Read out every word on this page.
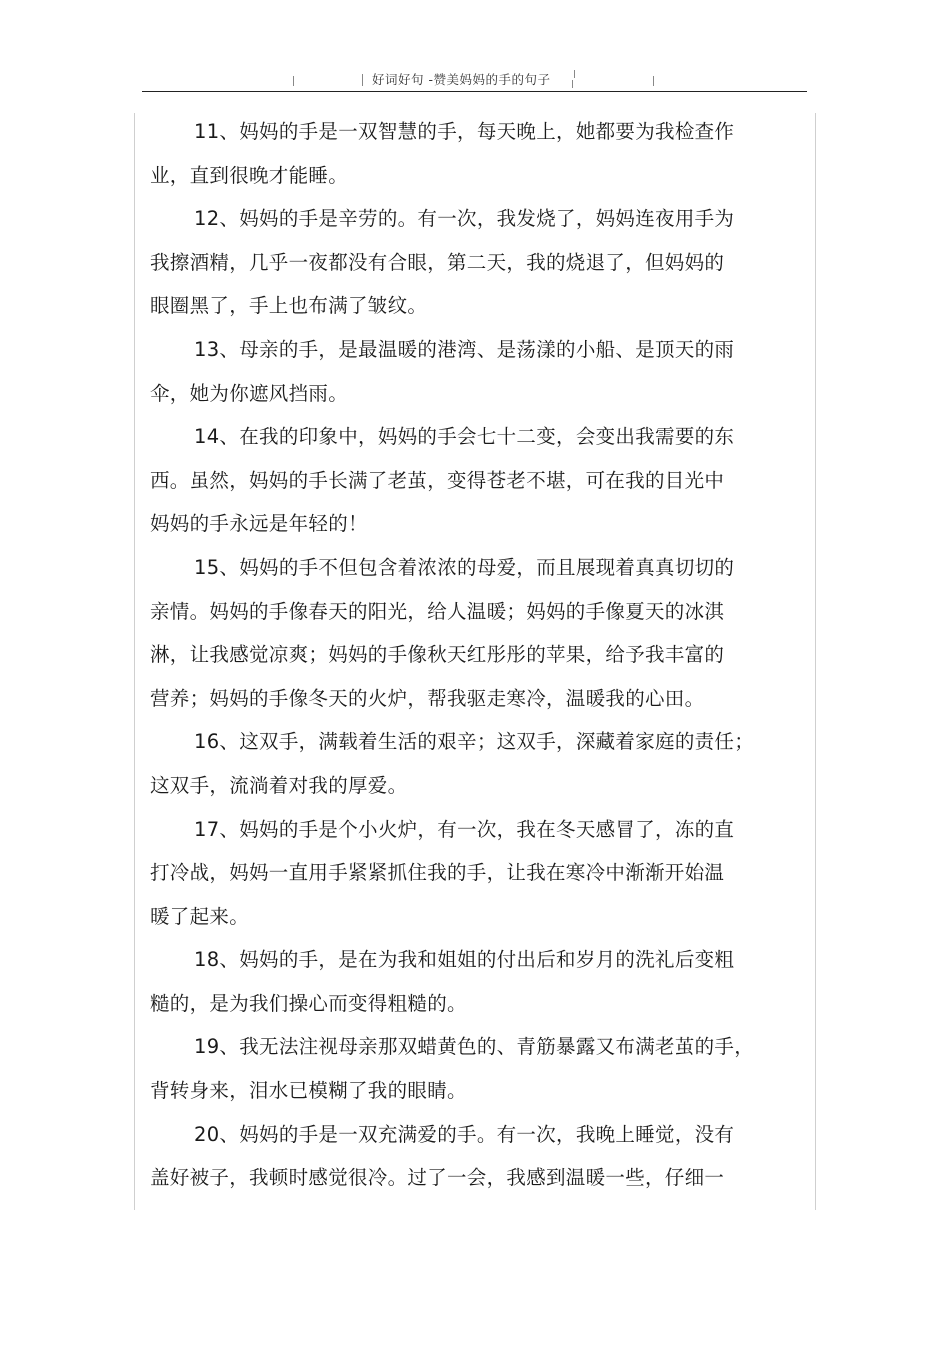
好词好句 -赞美妈妈的手的句子
11、妈妈的手是一双智慧的手，每天晚上，她都要为我检查作
业，直到很晚才能睡。
12、妈妈的手是辛劳的。有一次，我发烧了，妈妈连夜用手为
我擦酒精，几乎一夜都没有合眼，第二天，我的烧退了，但妈妈的
眼圈黑了，手上也布满了皱纹。
13、母亲的手，是最温暖的港湾、是荡漾的小船、是顶天的雨
伞，她为你遮风挡雨。
14、在我的印象中，妈妈的手会七十二变，会变出我需要的东
西。虽然，妈妈的手长满了老茧，变得苍老不堪，可在我的目光中
妈妈的手永远是年轻的！
15、妈妈的手不但包含着浓浓的母爱，而且展现着真真切切的
亲情。妈妈的手像春天的阳光，给人温暖；妈妈的手像夏天的冰淇
淋，让我感觉凉爽；妈妈的手像秋天红彤彤的苹果，给予我丰富的
营养；妈妈的手像冬天的火炉，帮我驱走寒冷，温暖我的心田。
16、这双手，满载着生活的艰辛；这双手，深藏着家庭的责任；
这双手，流淌着对我的厚爱。
17、妈妈的手是个小火炉，有一次，我在冬天感冒了，冻的直
打冷战，妈妈一直用手紧紧抓住我的手，让我在寒冷中渐渐开始温
暖了起来。
18、妈妈的手，是在为我和姐姐的付出后和岁月的洗礼后变粗
糙的，是为我们操心而变得粗糙的。
19、我无法注视母亲那双蜡黄色的、青筋暴露又布满老茧的手，
背转身来，泪水已模糊了我的眼睛。
20、妈妈的手是一双充满爱的手。有一次，我晚上睡觉，没有
盖好被子，我顿时感觉很冷。过了一会，我感到温暖一些，仔细一
